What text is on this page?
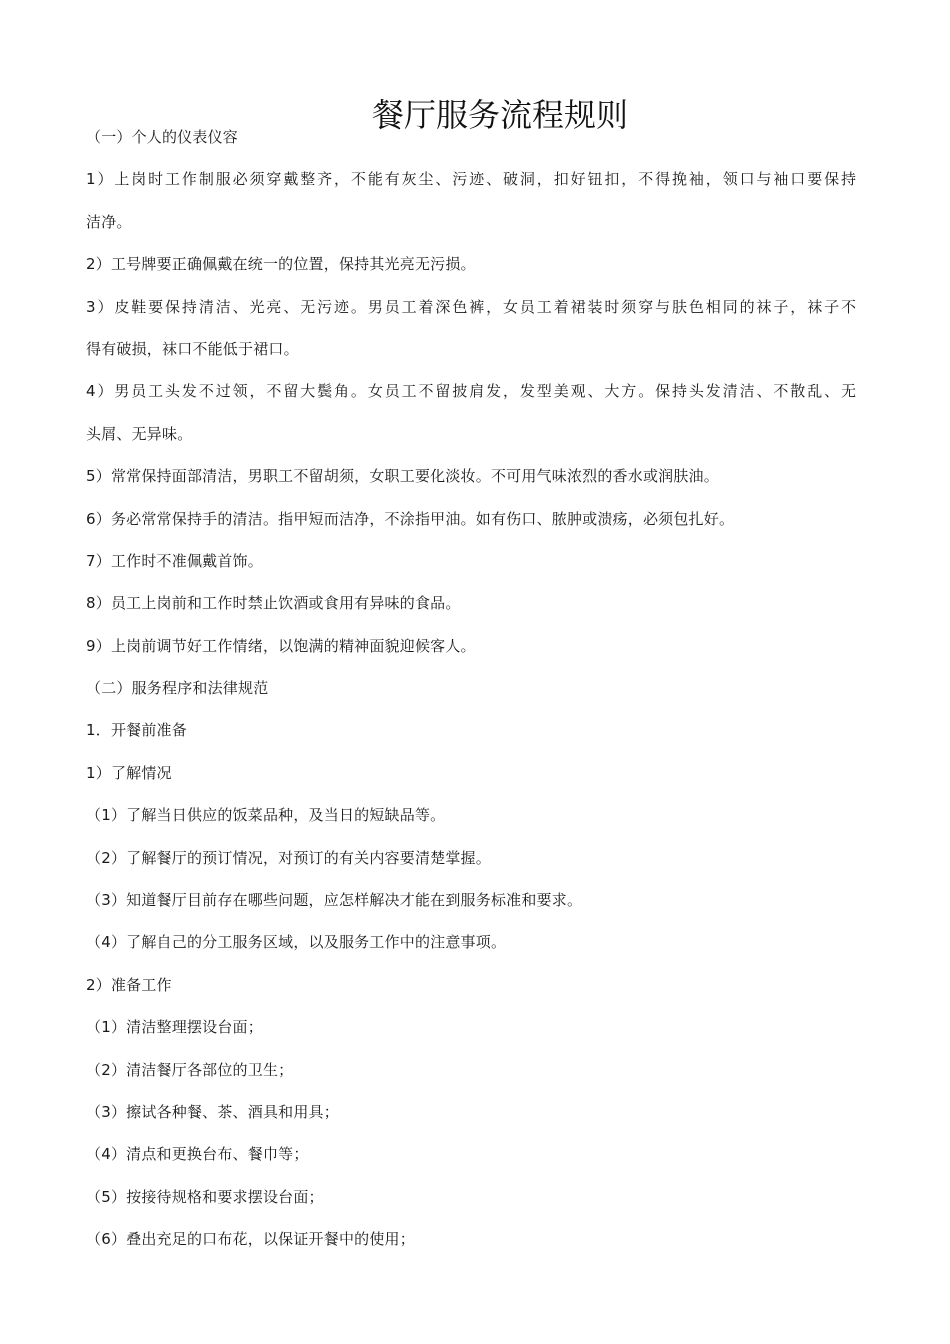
餐厅服务流程规则
（一）个人的仪表仪容
1）上岗时工作制服必须穿戴整齐，不能有灰尘、污迹、破洞，扣好钮扣，不得挽袖，领口与袖口要保持
洁净。
2）工号牌要正确佩戴在统一的位置，保持其光亮无污损。
3）皮鞋要保持清洁、光亮、无污迹。男员工着深色裤，女员工着裙装时须穿与肤色相同的袜子，袜子不
得有破损，袜口不能低于裙口。
4）男员工头发不过领，不留大鬓角。女员工不留披肩发，发型美观、大方。保持头发清洁、不散乱、无
头屑、无异味。
5）常常保持面部清洁，男职工不留胡须，女职工要化淡妆。不可用气味浓烈的香水或润肤油。
6）务必常常保持手的清洁。指甲短而洁净，不涂指甲油。如有伤口、脓肿或溃疡，必须包扎好。
7）工作时不准佩戴首饰。
8）员工上岗前和工作时禁止饮酒或食用有异味的食品。
9）上岗前调节好工作情绪，以饱满的精神面貌迎候客人。
（二）服务程序和法律规范
1．开餐前准备
1）了解情况
（1）了解当日供应的饭菜品种，及当日的短缺品等。
（2）了解餐厅的预订情况，对预订的有关内容要清楚掌握。
（3）知道餐厅目前存在哪些问题，应怎样解决才能在到服务标准和要求。
（4）了解自己的分工服务区域，以及服务工作中的注意事项。
2）准备工作
（1）清洁整理摆设台面；
（2）清洁餐厅各部位的卫生；
（3）擦试各种餐、茶、酒具和用具；
（4）清点和更换台布、餐巾等；
（5）按接待规格和要求摆设台面；
（6）叠出充足的口布花，以保证开餐中的使用；
